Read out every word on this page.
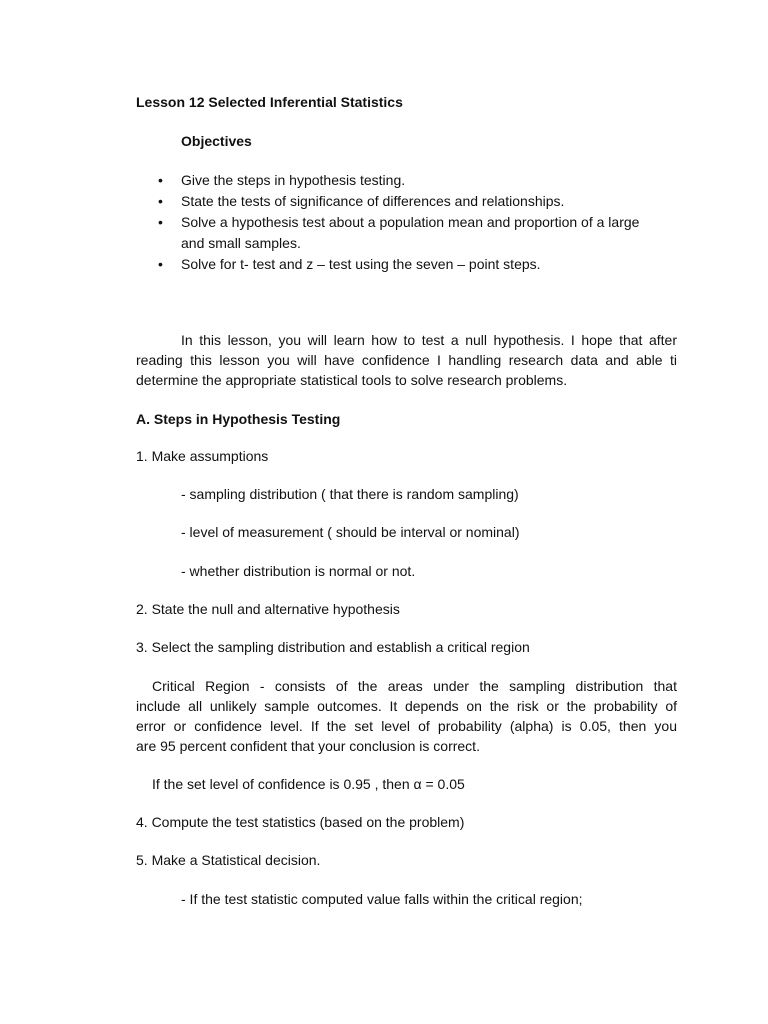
Lesson 12 Selected Inferential Statistics
Objectives
• Give the steps in hypothesis testing.
• State the tests of significance of differences and relationships.
• Solve a hypothesis test about a population mean and proportion of a large
and small samples.
• Solve for t- test and z – test using the seven – point steps.

In this lesson, you will learn how to test a null hypothesis. I hope that after

reading this lesson you will have confidence I handling research data and able ti

determine the appropriate statistical tools to solve research problems.

A. Steps in Hypothesis Testing
1. Make assumptions
- sampling distribution ( that there is random sampling)
- level of measurement ( should be interval or nominal)
- whether distribution is normal or not.
2. State the null and alternative hypothesis
3. Select the sampling distribution and establish a critical region

Critical Region - consists of the areas under the sampling distribution that

include all unlikely sample outcomes. It depends on the risk or the probability of

error or confidence level. If the set level of probability (alpha) is 0.05, then you

are 95 percent confident that your conclusion is correct.

If the set level of confidence is 0.95 , then α = 0.05
4. Compute the test statistics (based on the problem)
5. Make a Statistical decision.
- If the test statistic computed value falls within the critical region;
